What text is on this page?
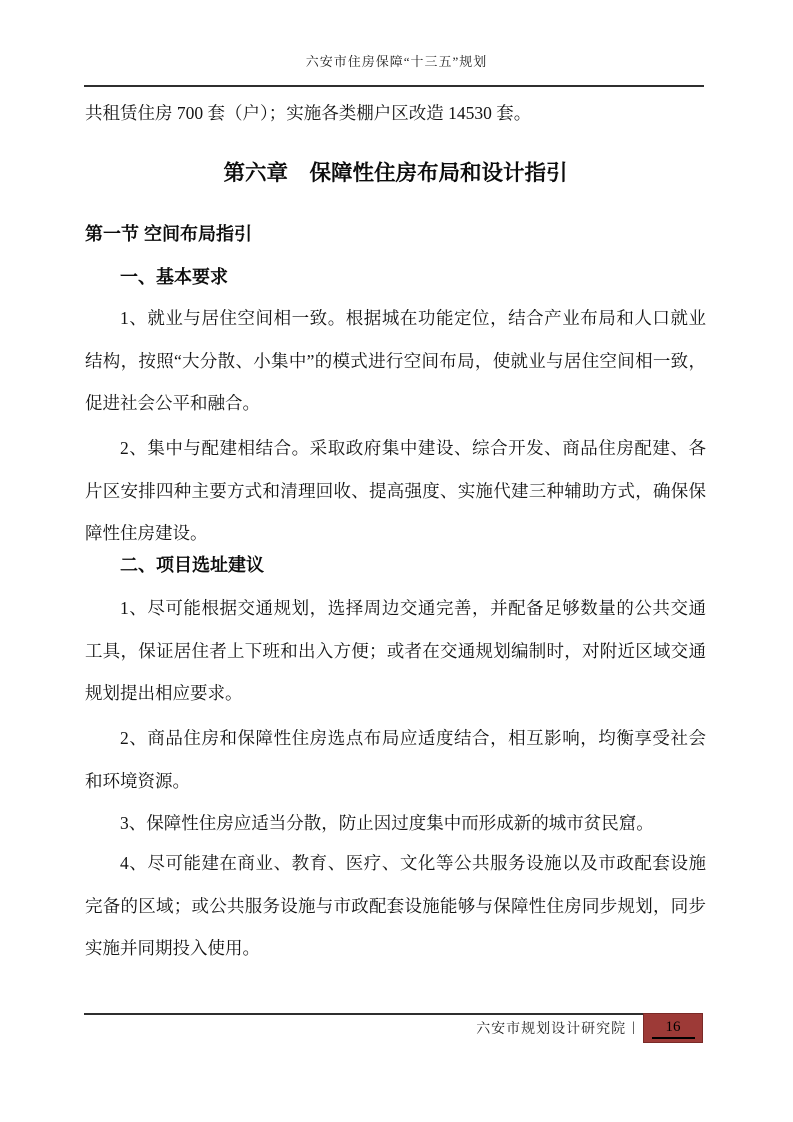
六安市住房保障“十三五”规划
共租赁住房 700 套（户）；实施各类棚户区改造 14530 套。
第六章　保障性住房布局和设计指引
第一节 空间布局指引
一、基本要求
1、就业与居住空间相一致。根据城在功能定位，结合产业布局和人口就业结构，按照“大分散、小集中”的模式进行空间布局，使就业与居住空间相一致，促进社会公平和融合。
2、集中与配建相结合。采取政府集中建设、综合开发、商品住房配建、各片区安排四种主要方式和清理回收、提高强度、实施代建三种辅助方式，确保保障性住房建设。
二、项目选址建议
1、尽可能根据交通规划，选择周边交通完善，并配备足够数量的公共交通工具，保证居住者上下班和出入方便；或者在交通规划编制时，对附近区域交通规划提出相应要求。
2、商品住房和保障性住房选点布局应适度结合，相互影响，均衡享受社会和环境资源。
3、保障性住房应适当分散，防止因过度集中而形成新的城市贫民窟。
4、尽可能建在商业、教育、医疗、文化等公共服务设施以及市政配套设施完备的区域；或公共服务设施与市政配套设施能够与保障性住房同步规划，同步实施并同期投入使用。
六安市规划设计研究院 |	16
